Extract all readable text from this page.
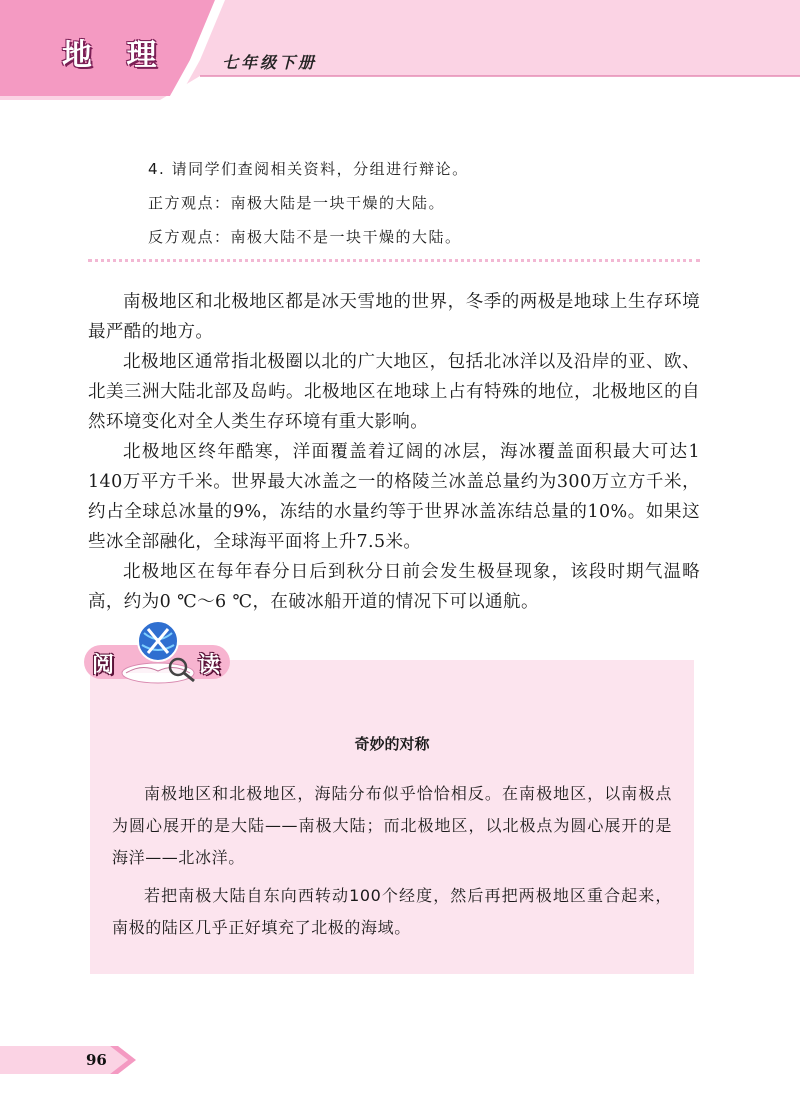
地 理	七年级下册

4. 请同学们查阅相关资料，分组进行辩论。

正方观点：南极大陆是一块干燥的大陆。

反方观点：南极大陆不是一块干燥的大陆。

南极地区和北极地区都是冰天雪地的世界，冬季的两极是地球上生存环境最严酷的地方。

北极地区通常指北极圈以北的广大地区，包括北冰洋以及沿岸的亚、欧、北美三洲大陆北部及岛屿。北极地区在地球上占有特殊的地位，北极地区的自然环境变化对全人类生存环境有重大影响。

北极地区终年酷寒，洋面覆盖着辽阔的冰层，海冰覆盖面积最大可达1 140万平方千米。世界最大冰盖之一的格陵兰冰盖总量约为300万立方千米，约占全球总冰量的9%，冻结的水量约等于世界冰盖冻结总量的10%。如果这些冰全部融化，全球海平面将上升7.5米。

北极地区在每年春分日后到秋分日前会发生极昼现象，该段时期气温略高，约为0 ℃～6 ℃，在破冰船开道的情况下可以通航。

阅	读
奇妙的对称

南极地区和北极地区，海陆分布似乎恰恰相反。在南极地区，以南极点为圆心展开的是大陆——南极大陆；而北极地区，以北极点为圆心展开的是海洋——北冰洋。

若把南极大陆自东向西转动100个经度，然后再把两极地区重合起来，南极的陆区几乎正好填充了北极的海域。

96
